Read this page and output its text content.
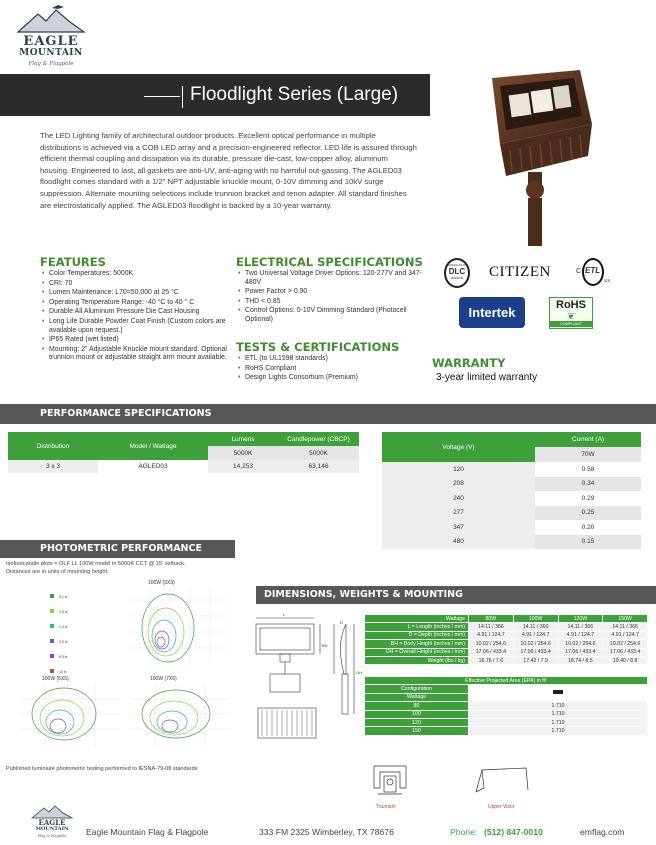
EAGLE
MOUNTAIN
Flag & Flagpole
Floodlight Series (Large)
The LED Lighting family of architectural outdoor products. Excellent optical performance in multiple distributions is achieved via a COB LED array and a precision-engineered reflector. LED life is assured through efficient thermal coupling and dissipation via its durable, pressure die-cast, low-copper alloy, aluminum housing. Engineered to last, all gaskets are anti-UV, anti-aging with no harmful out-gassing. The AGLED03 floodlight comes standard with a 1/2" NPT adjustable knuckle mount, 0-10V dimming and 10kV surge suppression. Alternate mounting selections include trunnion bracket and tenon adapter. All standard finishes are electrostatically applied. The AGLED03 floodlight is backed by a 10-year warranty.
FEATURES
• Color Temperatures: 5000K
• CRI: 70
• Lumen Maintenance: L70=50,000 at 25 °C
• Operating Temperature Range: -40 °C to 40 ° C
• Durable All Aluminum Pressure Die Cast Housing
• Long Life Durable Powder Coat Finish (Custom colors are available upon request.)
• IP65 Rated (wet listed)
• Mounting: 2" Adjustable Knuckle mount standard. Optional trunnion mount or adjustable straight arm mount available.
ELECTRICAL SPECIFICATIONS
• Two Universal Voltage Driver Options: 120-277V and 347-480V
• Power Factor > 0.90
• THD < 0.85
• Control Options: 0-10V Dimming Standard (Photocell Optional)
TESTS & CERTIFICATIONS
• ETL (to UL1598 standards)
• RoHS Compliant
• Design Lights Consortium (Premium)
DESIGNLIGHTS
DLC
PREMIUM	CITIZEN	C ETL
US
Intertek	RoHS
❦
COMPLIANT
WARRANTY
3-year limited warranty
PERFORMANCE SPECIFICATIONS
Distribution	Model / Wattage	Lumens	Candlepower (CBCP)
		5000K	5000K
3 x 3	AGLED03	14,253	63,146
Voltage (V)	Current (A)
	70W
120	0.58
208	0.34
240	0.29
277	0.25
347	0.20
480	0.15
PHOTOMETRIC PERFORMANCE
Isofootcandle plots = OLF LL 100W model in 5000K CCT @ 15' setback.
Distances are in units of mounting height.
0.1 fc
0.5 fc
1.0 fc
3.0 fc
5.0 fc
10 fc
100W (3X3)
100W (5X5)	100W (7X6)
Published luminaire photometric testing performed to IESNA-79-08 standards
DIMENSIONS, WEIGHTS & MOUNTING
L
BH
D
OH
Wattage	80W	100W	120W	150W
L = Length (inches / mm)	14.11 / 366	14.11 / 366	14.11 / 366	14.11 / 366
D = Depth (inches / mm)	4.91 / 124.7	4.91 / 124.7	4.91 / 124.7	4.91 / 124.7
BH = Body Height (inches / mm)	10.02 / 254.6	10.02 / 254.6	10.02 / 254.6	10.02 / 254.6
OH = Overall Height (inches / mm)	17.06 / 433.4	17.06 / 433.4	17.06 / 433.4	17.06 / 433.4
Weight (lbs / kg)	16.76 / 7.6	17.42 / 7.9	18.74 / 8.5	19.40 / 8.8
Effective Projected Area (EPA) in ft²	
Configuration	
Wattage	
80	1.710
100	1.710
120	1.710
150	1.710
Trunnion	Upper Visor
EAGLE
MOUNTAIN
Flag & Flagpole	Eagle Mountain Flag & Flagpole	333 FM 2325 Wimberley, TX 78676	Phone: (512) 847-0010	emflag.com
